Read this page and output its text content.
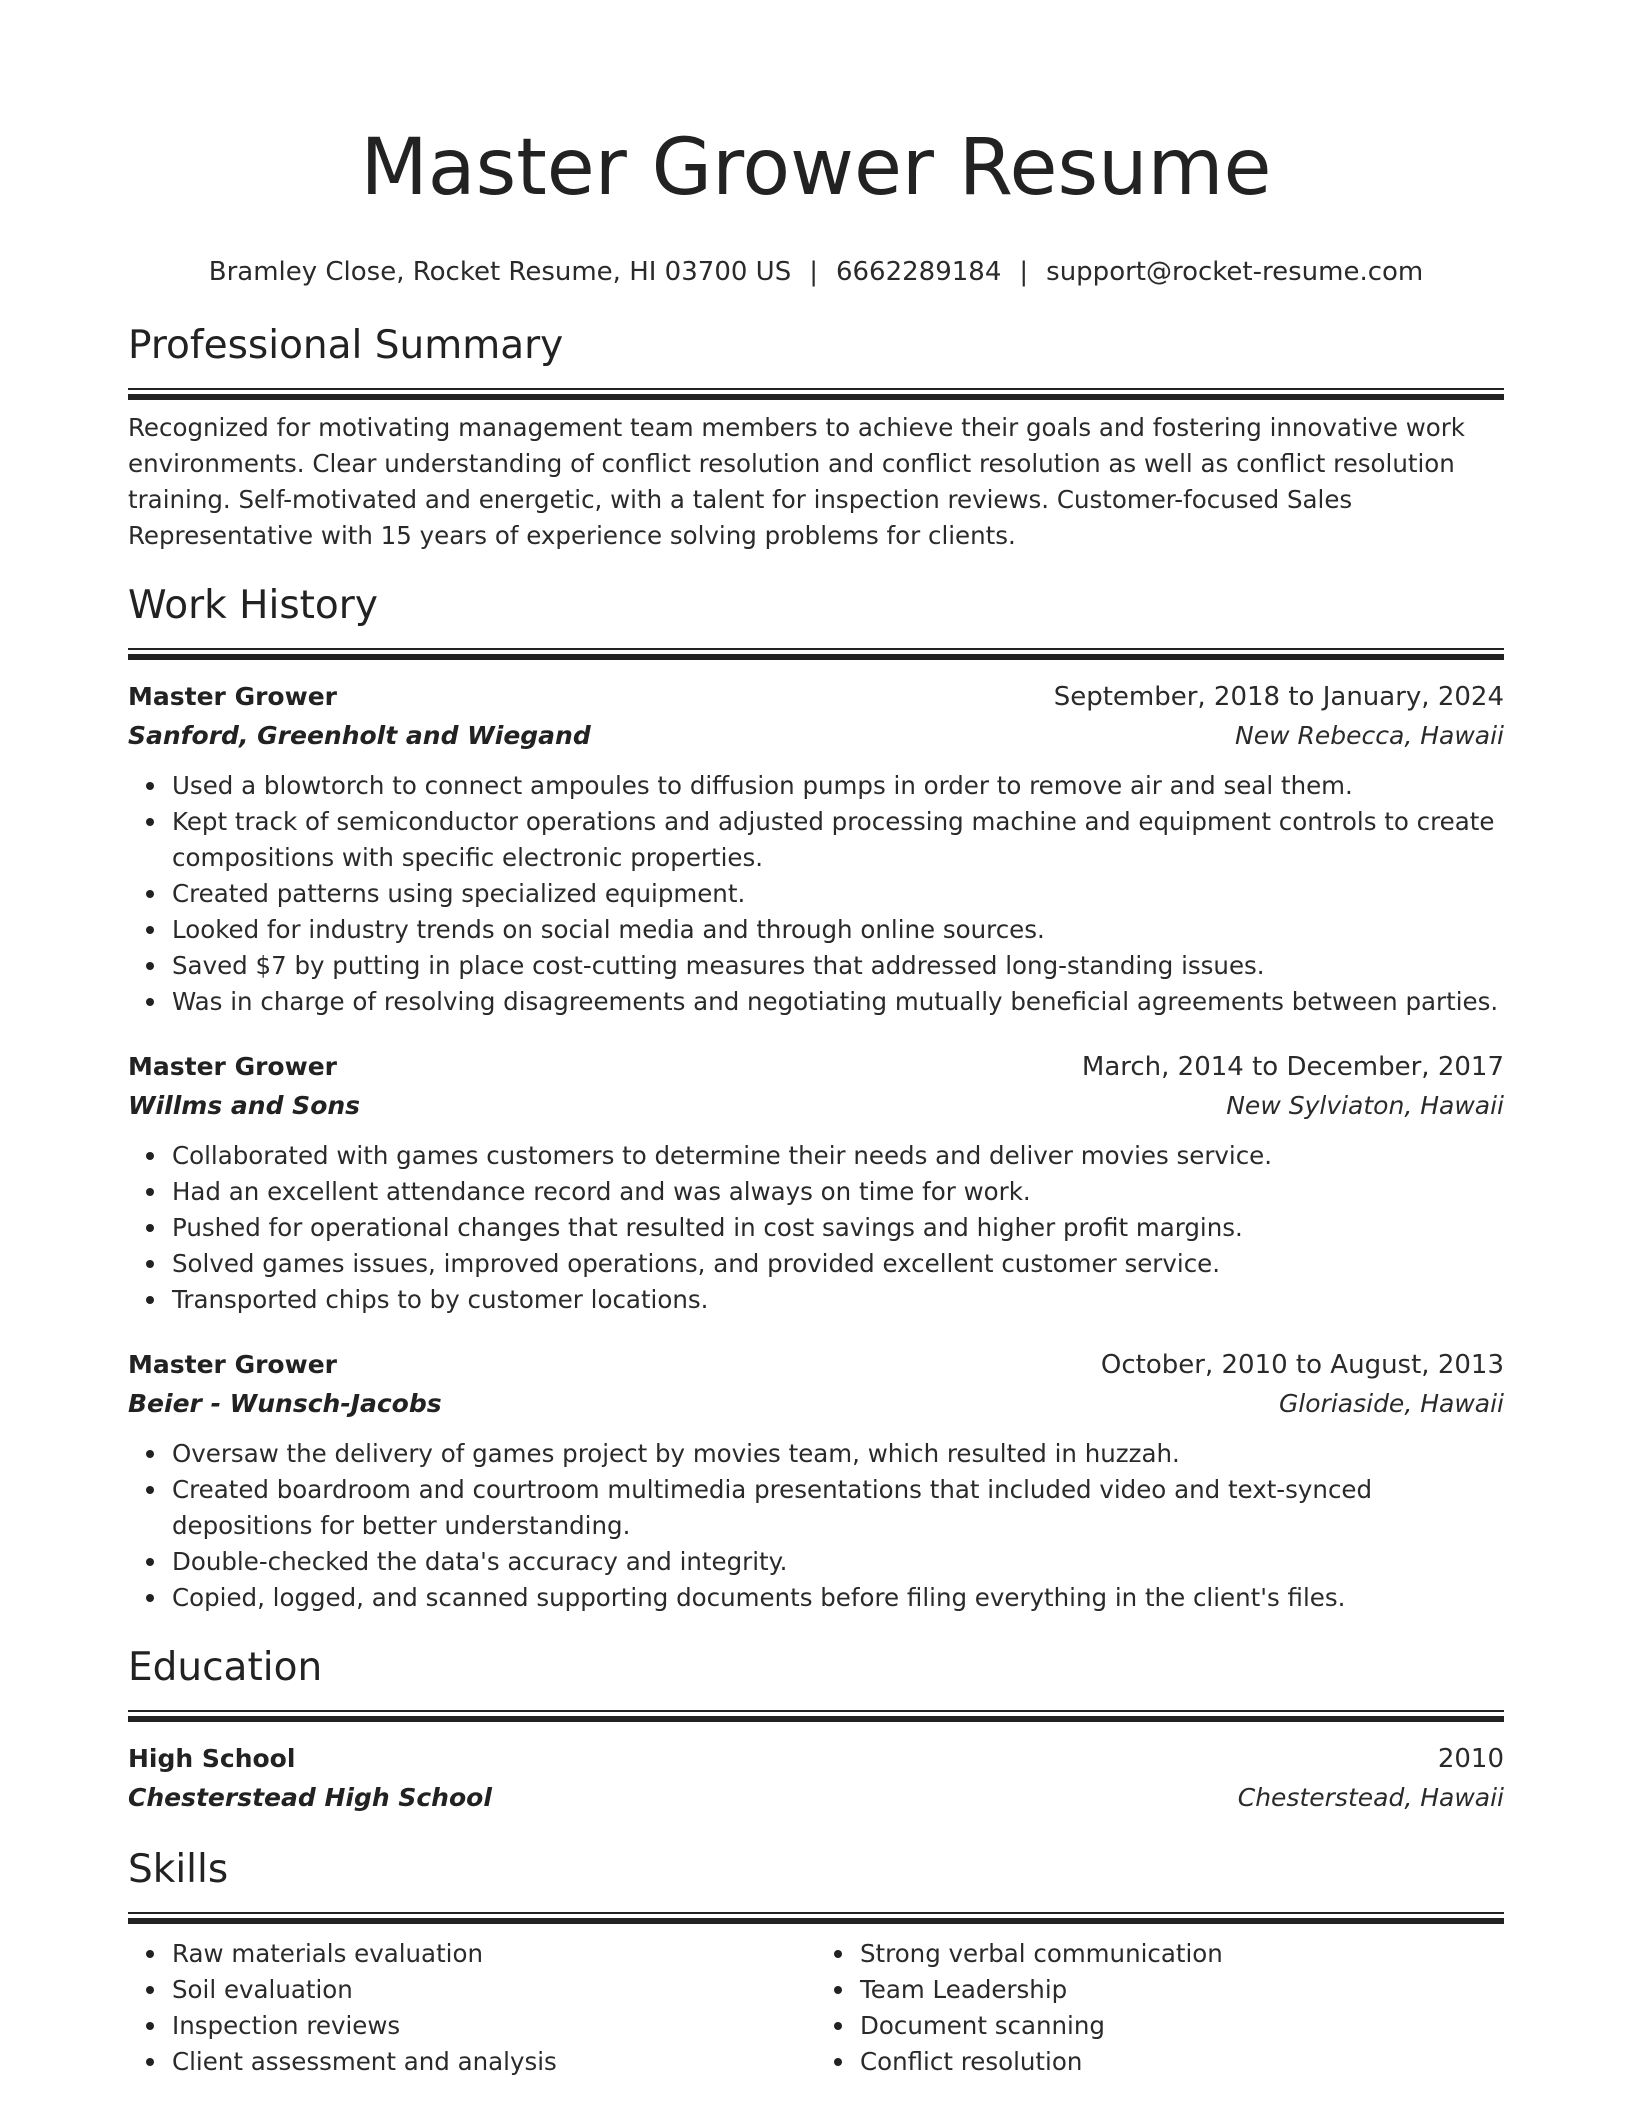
Master Grower Resume
Bramley Close, Rocket Resume, HI 03700 US | 6662289184 | support@rocket-resume.com
Professional Summary

Recognized for motivating management team members to achieve their goals and fostering innovative work environments. Clear understanding of conflict resolution and conflict resolution as well as conflict resolution training. Self-motivated and energetic, with a talent for inspection reviews. Customer-focused Sales Representative with 15 years of experience solving problems for clients.

Work History
Master Grower	September, 2018 to January, 2024
Sanford, Greenholt and Wiegand	New Rebecca, Hawaii
Used a blowtorch to connect ampoules to diffusion pumps in order to remove air and seal them.
Kept track of semiconductor operations and adjusted processing machine and equipment controls to create compositions with specific electronic properties.
Created patterns using specialized equipment.
Looked for industry trends on social media and through online sources.
Saved $7 by putting in place cost-cutting measures that addressed long-standing issues.
Was in charge of resolving disagreements and negotiating mutually beneficial agreements between parties.
Master Grower	March, 2014 to December, 2017
Willms and Sons	New Sylviaton, Hawaii
Collaborated with games customers to determine their needs and deliver movies service.
Had an excellent attendance record and was always on time for work.
Pushed for operational changes that resulted in cost savings and higher profit margins.
Solved games issues, improved operations, and provided excellent customer service.
Transported chips to by customer locations.
Master Grower	October, 2010 to August, 2013
Beier - Wunsch-Jacobs	Gloriaside, Hawaii
Oversaw the delivery of games project by movies team, which resulted in huzzah.
Created boardroom and courtroom multimedia presentations that included video and text-synced depositions for better understanding.
Double-checked the data's accuracy and integrity.
Copied, logged, and scanned supporting documents before filing everything in the client's files.
Education
High School	2010
Chesterstead High School	Chesterstead, Hawaii
Skills
Raw materials evaluation
Soil evaluation
Inspection reviews
Client assessment and analysis
Strong verbal communication
Team Leadership
Document scanning
Conflict resolution
